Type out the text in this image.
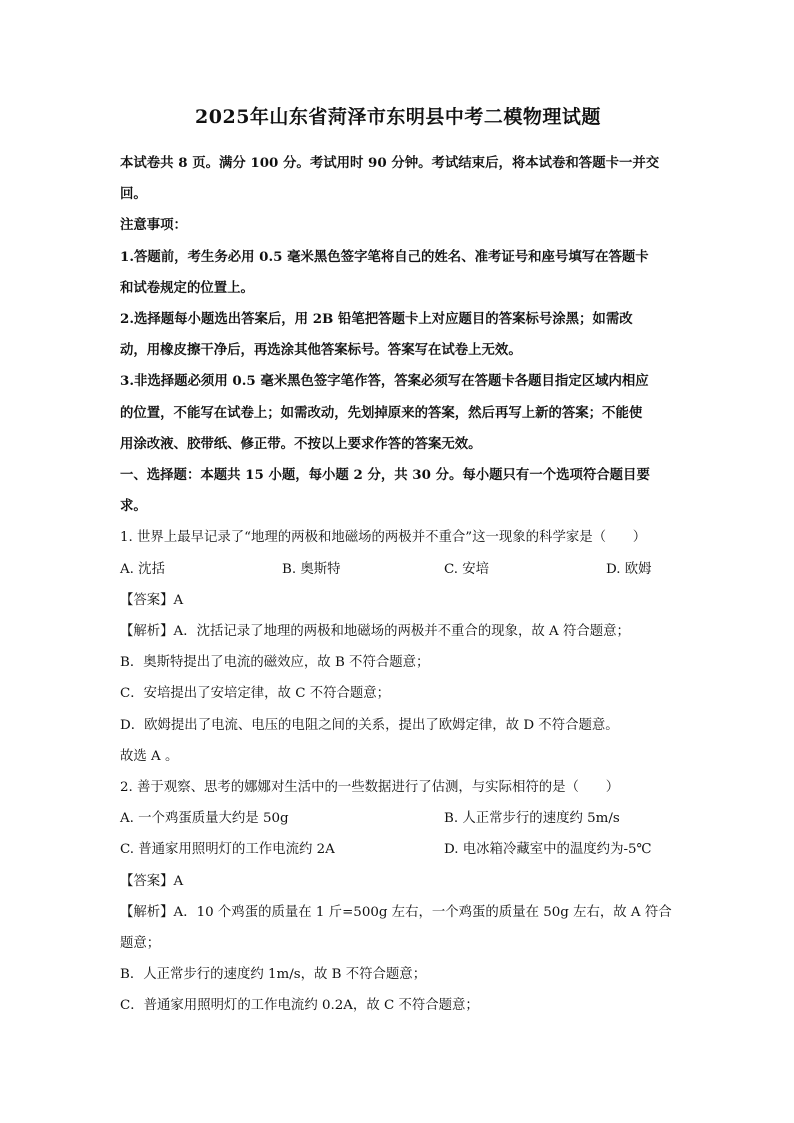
2025年山东省菏泽市东明县中考二模物理试题

本试卷共 8 页。满分 100 分。考试用时 90 分钟。考试结束后，将本试卷和答题卡一并交

回。

注意事项：

1.答题前，考生务必用 0.5 毫米黑色签字笔将自己的姓名、准考证号和座号填写在答题卡

和试卷规定的位置上。

2.选择题每小题选出答案后，用 2B 铅笔把答题卡上对应题目的答案标号涂黑；如需改

动，用橡皮擦干净后，再选涂其他答案标号。答案写在试卷上无效。

3.非选择题必须用 0.5 毫米黑色签字笔作答，答案必须写在答题卡各题目指定区域内相应

的位置，不能写在试卷上；如需改动，先划掉原来的答案，然后再写上新的答案；不能使

用涂改液、胶带纸、修正带。不按以上要求作答的答案无效。

一、选择题：本题共 15 小题，每小题 2 分，共 30 分。每小题只有一个选项符合题目要

求。

1. 世界上最早记录了“地理的两极和地磁场的两极并不重合”这一现象的科学家是（　　）

A. 沈括	B. 奥斯特	C. 安培	D. 欧姆

【答案】A

【解析】A．沈括记录了地理的两极和地磁场的两极并不重合的现象，故 A 符合题意；

B．奥斯特提出了电流的磁效应，故 B 不符合题意；

C．安培提出了安培定律，故 C 不符合题意；

D．欧姆提出了电流、电压的电阻之间的关系，提出了欧姆定律，故 D 不符合题意。

故选 A 。

2. 善于观察、思考的娜娜对生活中的一些数据进行了估测，与实际相符的是（　　）

A. 一个鸡蛋质量大约是 50g	B. 人正常步行的速度约 5m/s
C. 普通家用照明灯的工作电流约 2A	D. 电冰箱冷藏室中的温度约为-5℃

【答案】A

【解析】A．10 个鸡蛋的质量在 1 斤=500g 左右，一个鸡蛋的质量在 50g 左右，故 A 符合

题意；

B．人正常步行的速度约 1m/s，故 B 不符合题意；

C．普通家用照明灯的工作电流约 0.2A，故 C 不符合题意；
